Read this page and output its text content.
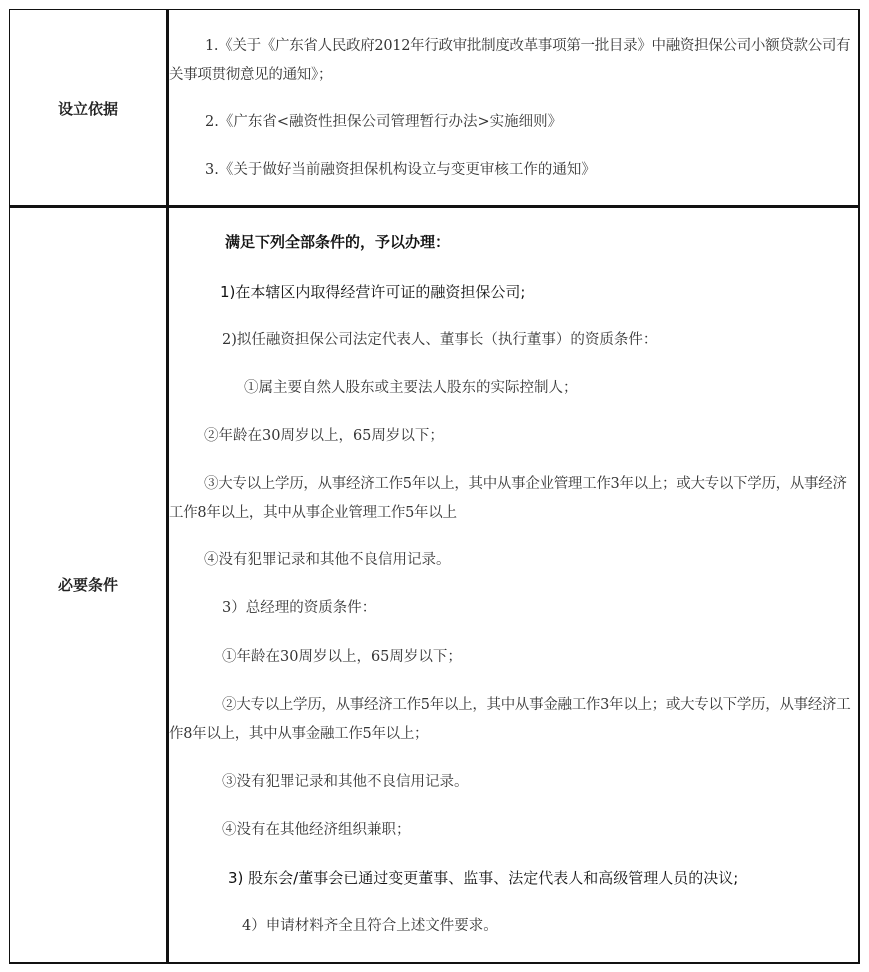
设立依据
1.《关于《广东省人民政府2012年行政审批制度改革事项第一批目录》中融资担保公司小额贷款公司有关事项贯彻意见的通知》；
2.《广东省<融资性担保公司管理暂行办法>实施细则》
3.《关于做好当前融资担保机构设立与变更审核工作的通知》
必要条件
满足下列全部条件的，予以办理：
1)在本辖区内取得经营许可证的融资担保公司;
2)拟任融资担保公司法定代表人、董事长（执行董事）的资质条件：
①属主要自然人股东或主要法人股东的实际控制人；
②年龄在30周岁以上，65周岁以下；
③大专以上学历，从事经济工作5年以上，其中从事企业管理工作3年以上；或大专以下学历，从事经济工作8年以上，其中从事企业管理工作5年以上
④没有犯罪记录和其他不良信用记录。
3）总经理的资质条件：
①年龄在30周岁以上，65周岁以下；
②大专以上学历，从事经济工作5年以上，其中从事金融工作3年以上；或大专以下学历，从事经济工作8年以上，其中从事金融工作5年以上；
③没有犯罪记录和其他不良信用记录。
④没有在其他经济组织兼职；
3) 股东会/董事会已通过变更董事、监事、法定代表人和高级管理人员的决议;
4）申请材料齐全且符合上述文件要求。
